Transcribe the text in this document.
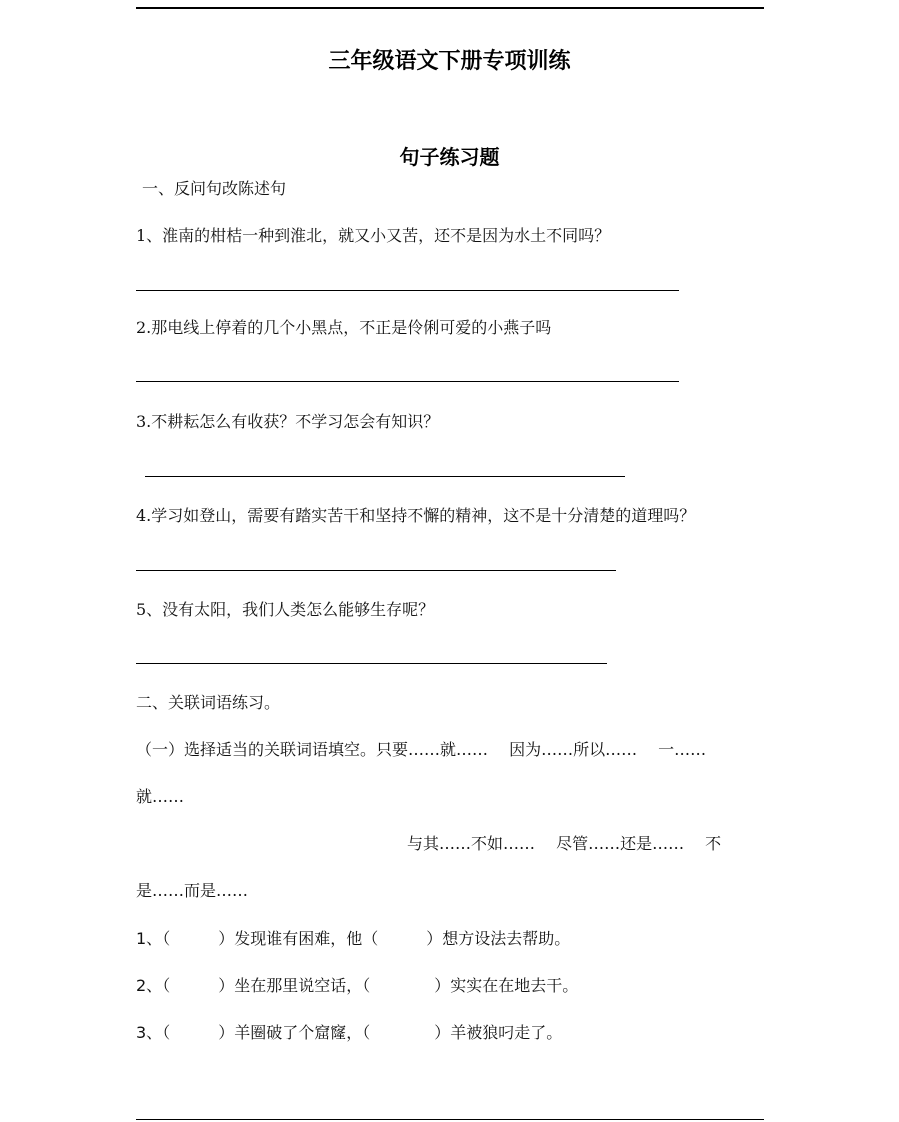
三年级语文下册专项训练
句子练习题
一、反问句改陈述句
1、淮南的柑桔一种到淮北，就又小又苦，还不是因为水土不同吗？
2.那电线上停着的几个小黑点，不正是伶俐可爱的小燕子吗
3.不耕耘怎么有收获？不学习怎会有知识？
4.学习如登山，需要有踏实苦干和坚持不懈的精神，这不是十分清楚的道理吗？
5、没有太阳，我们人类怎么能够生存呢？
二、关联词语练习。
（一）选择适当的关联词语填空。只要……就……　 因为……所以……　 一……
就……
与其……不如……　 尽管……还是……　 不
是……而是……
1、（　　　）发现谁有困难，他（　　　）想方设法去帮助。
2、（　　　）坐在那里说空话，（　　　　）实实在在地去干。
3、（　　　）羊圈破了个窟窿，（　　　　）羊被狼叼走了。
